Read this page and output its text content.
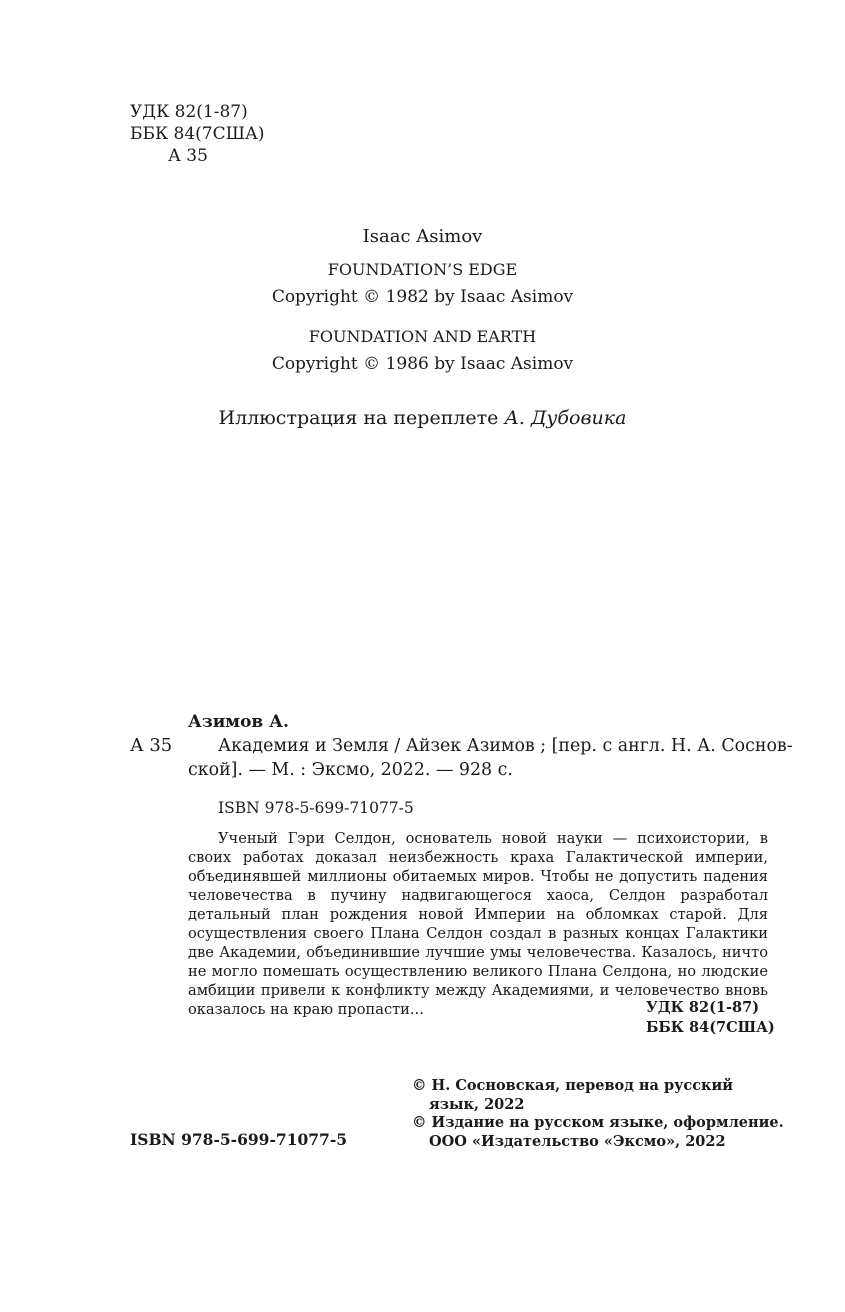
УДК 82(1-87)
ББК 84(7США)
А 35
Isaac Asimov
FOUNDATION’S EDGE
Copyright © 1982 by Isaac Asimov
FOUNDATION AND EARTH
Copyright © 1986 by Isaac Asimov
Иллюстрация на переплете А. Дубовика
Азимов А.
А 35	Академия и Земля / Айзек Азимов ; [пер. с англ. Н. А. Соснов-
ской]. — М. : Эксмо, 2022. — 928 с.
ISBN 978-5-699-71077-5
Ученый Гэри Селдон, основатель новой науки — психоистории, в своих работах доказал неизбежность краха Галактической империи, объединявшей миллионы обитаемых миров. Чтобы не допустить падения человечества в пучину надвигающегося хаоса, Селдон разработал детальный план рождения новой Империи на обломках старой. Для осуществления своего Плана Селдон создал в разных концах Галактики две Академии, объединившие лучшие умы человечества. Казалось, ничто не могло помешать осуществлению великого Плана Селдона, но людские амбиции привели к конфликту между Академиями, и человечество вновь оказалось на краю пропасти...	УДК 82(1-87)
ББК 84(7США)
© Н. Сосновская, перевод на русский
язык, 2022
© Издание на русском языке, оформление.
ООО «Издательство «Эксмо», 2022
ISBN 978-5-699-71077-5
